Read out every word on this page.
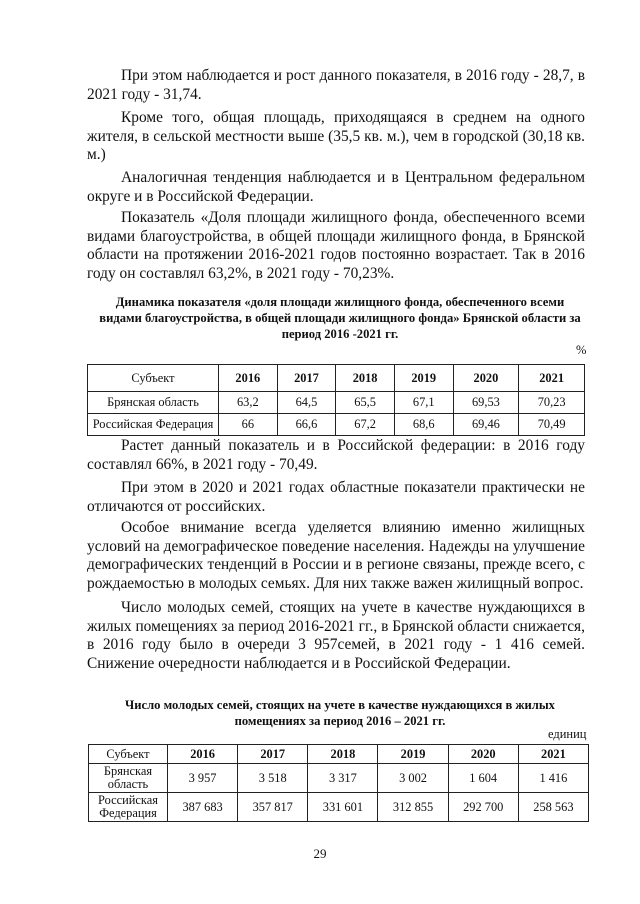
При этом наблюдается и рост данного показателя, в 2016 году - 28,7, в 2021 году - 31,74.

Кроме того, общая площадь, приходящаяся в среднем на одного жителя, в сельской местности выше (35,5 кв. м.), чем в городской (30,18 кв. м.)

Аналогичная тенденция наблюдается и в Центральном федеральном округе и в Российской Федерации.

Показатель «Доля площади жилищного фонда, обеспеченного всеми видами благоустройства, в общей площади жилищного фонда, в Брянской области на протяжении 2016-2021 годов постоянно возрастает. Так в 2016 году он составлял 63,2%, в 2021 году - 70,23%.

Динамика показателя «доля площади жилищного фонда, обеспеченного всеми видами благоустройства, в общей площади жилищного фонда» Брянской области за период 2016 -2021 гг.
%
Субъект	2016	2017	2018	2019	2020	2021
Брянская область	63,2	64,5	65,5	67,1	69,53	70,23
Российская Федерация	66	66,6	67,2	68,6	69,46	70,49

Растет данный показатель и в Российской федерации: в 2016 году составлял 66%, в 2021 году - 70,49.

При этом в 2020 и 2021 годах областные показатели практически не отличаются от российских.

Особое внимание всегда уделяется влиянию именно жилищных условий на демографическое поведение населения. Надежды на улучшение демографических тенденций в России и в регионе связаны, прежде всего, с рождаемостью в молодых семьях. Для них также важен жилищный вопрос.

Число молодых семей, стоящих на учете в качестве нуждающихся в жилых помещениях за период 2016-2021 гг., в Брянской области снижается, в 2016 году было в очереди 3 957семей, в 2021 году - 1 416 семей. Снижение очередности наблюдается и в Российской Федерации.

Число молодых семей, стоящих на учете в качестве нуждающихся в жилых помещениях за период 2016 – 2021 гг.
единиц
Субъект	2016	2017	2018	2019	2020	2021
Брянская область	3 957	3 518	3 317	3 002	1 604	1 416
Российская Федерация	387 683	357 817	331 601	312 855	292 700	258 563
29
